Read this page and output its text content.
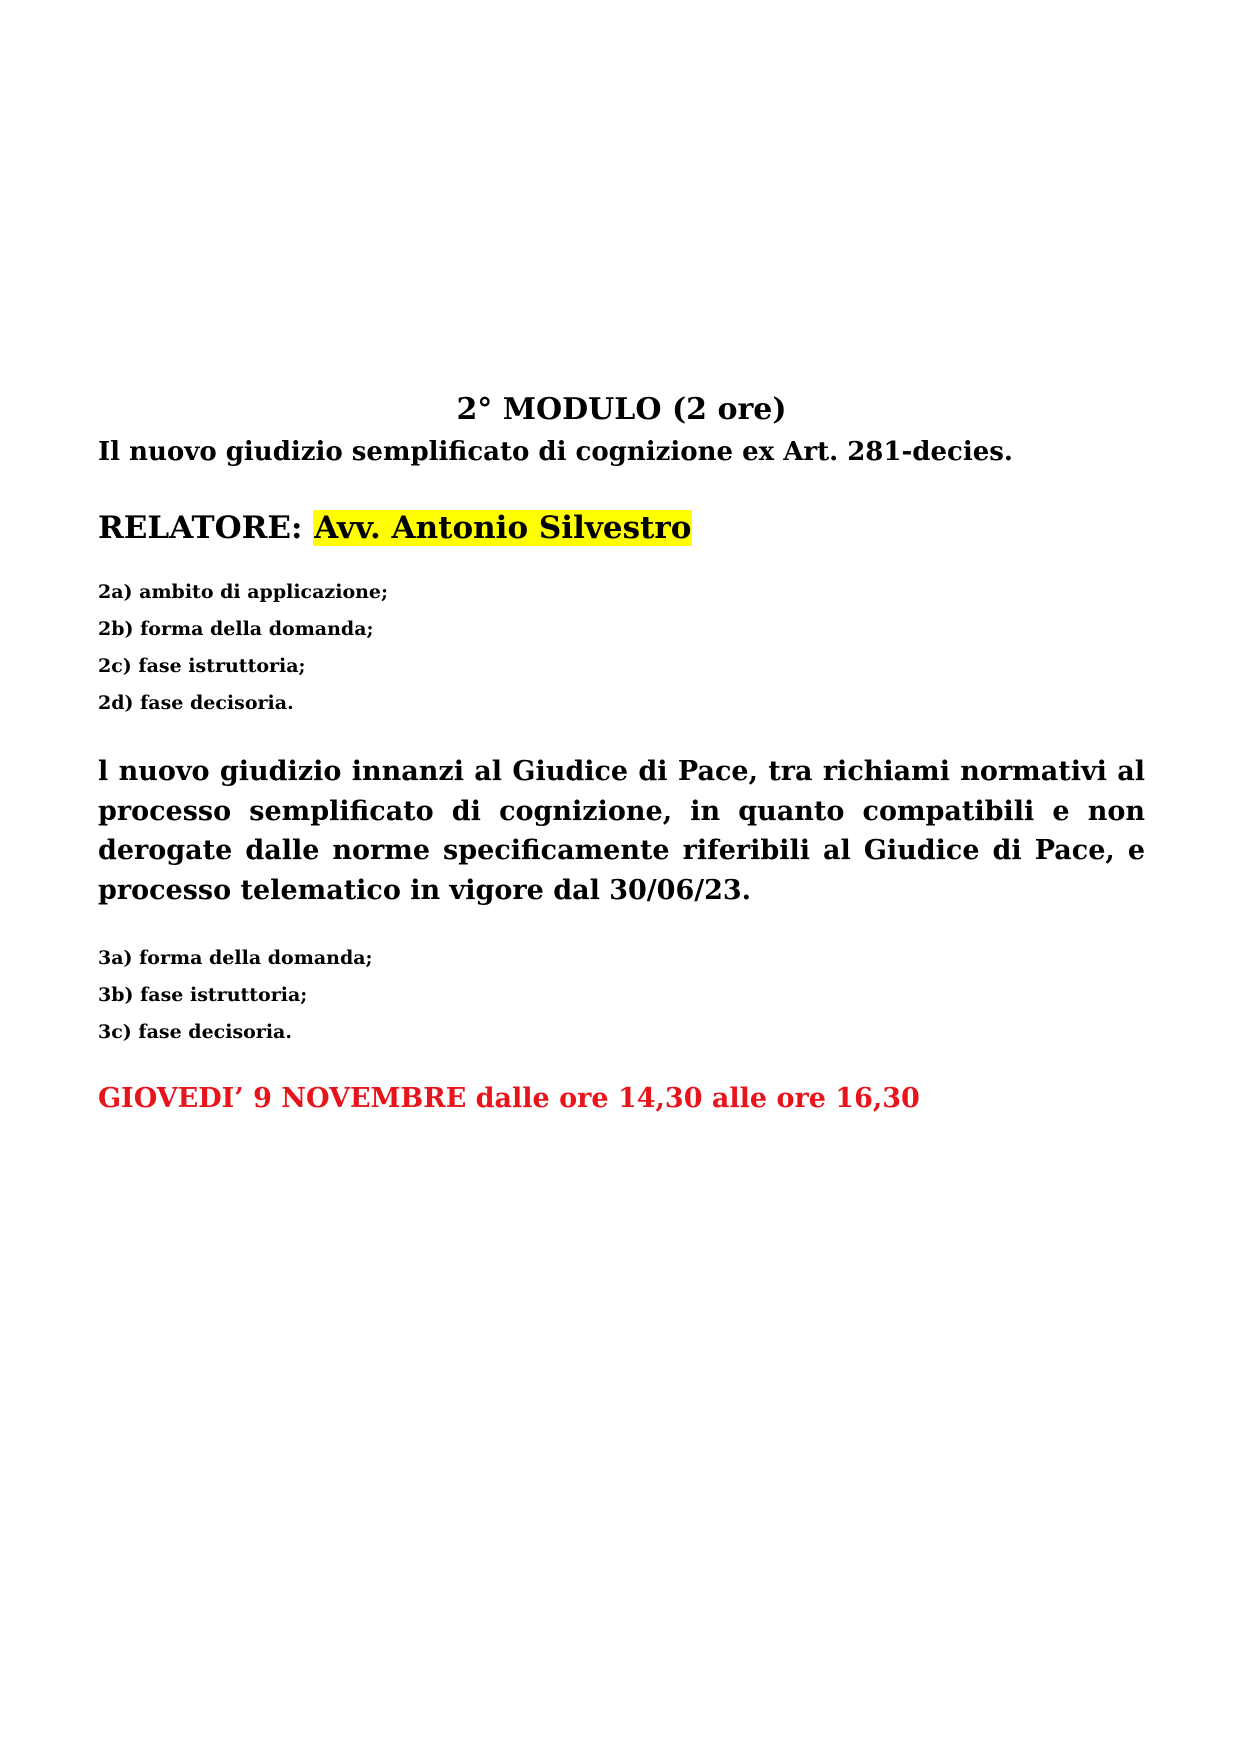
2° MODULO (2 ore)

Il nuovo giudizio semplificato di cognizione ex Art. 281-decies.

RELATORE: Avv. Antonio Silvestro

2a) ambito di applicazione;
2b) forma della domanda;
2c) fase istruttoria;
2d) fase decisoria.

l nuovo giudizio innanzi al Giudice di Pace, tra richiami normativi al processo semplificato di cognizione, in quanto compatibili e non derogate dalle norme specificamente riferibili al Giudice di Pace, e processo telematico in vigore dal 30/06/23.

3a) forma della domanda;
3b) fase istruttoria;
3c) fase decisoria.

GIOVEDI’ 9 NOVEMBRE dalle ore 14,30 alle ore 16,30
